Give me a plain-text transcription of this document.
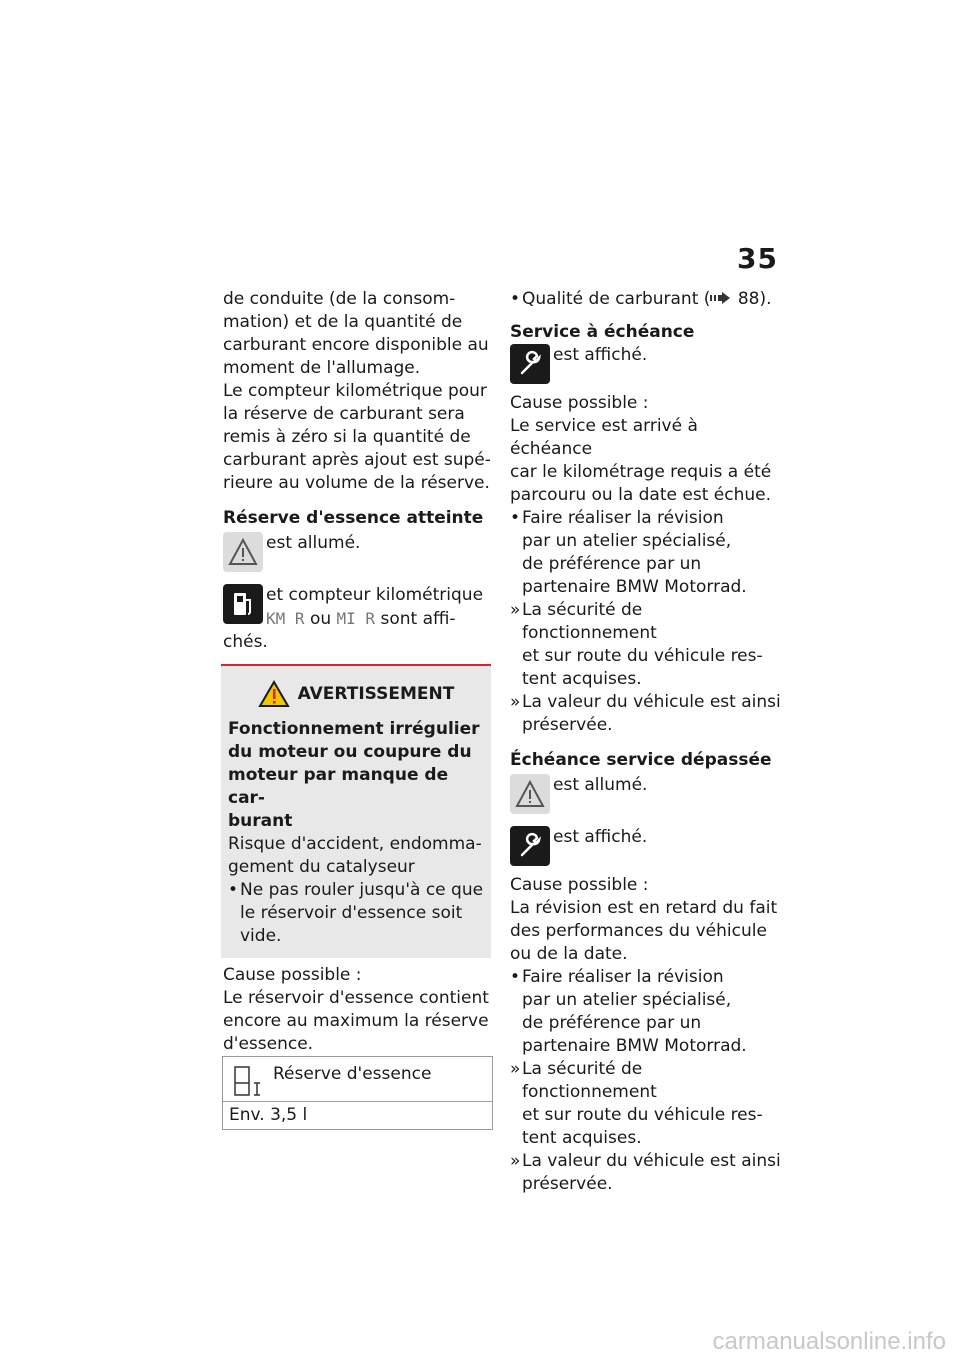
35

de conduite (de la consom-

mation) et de la quantité de

carburant encore disponible au

moment de l'allumage.

Le compteur kilométrique pour

la réserve de carburant sera

remis à zéro si la quantité de

carburant après ajout est supé-

rieure au volume de la réserve.

Réserve d'essence atteinte

est allumé.

et compteur kilométrique

KM R ou MI R sont affi-

chés.

AVERTISSEMENT

Fonctionnement irrégulier

du moteur ou coupure du

moteur par manque de car-

burant

Risque d'accident, endomma-

gement du catalyseur

• Ne pas rouler jusqu'à ce que

le réservoir d'essence soit

vide.

Cause possible :

Le réservoir d'essence contient

encore au maximum la réserve

d'essence.

Réserve d'essence
Env. 3,5 l
• Qualité de carburant ( 88).

Service à échéance

est affiché.

Cause possible :

Le service est arrivé à échéance

car le kilométrage requis a été

parcouru ou la date est échue.

• Faire réaliser la révision

par un atelier spécialisé,

de préférence par un

partenaire BMW Motorrad.

» La sécurité de fonctionnement

et sur route du véhicule res-

tent acquises.

» La valeur du véhicule est ainsi

préservée.

Échéance service dépassée

est allumé.

est affiché.

Cause possible :

La révision est en retard du fait

des performances du véhicule

ou de la date.

• Faire réaliser la révision

par un atelier spécialisé,

de préférence par un

partenaire BMW Motorrad.

» La sécurité de fonctionnement

et sur route du véhicule res-

tent acquises.

» La valeur du véhicule est ainsi

préservée.

carmanualsonline.info
